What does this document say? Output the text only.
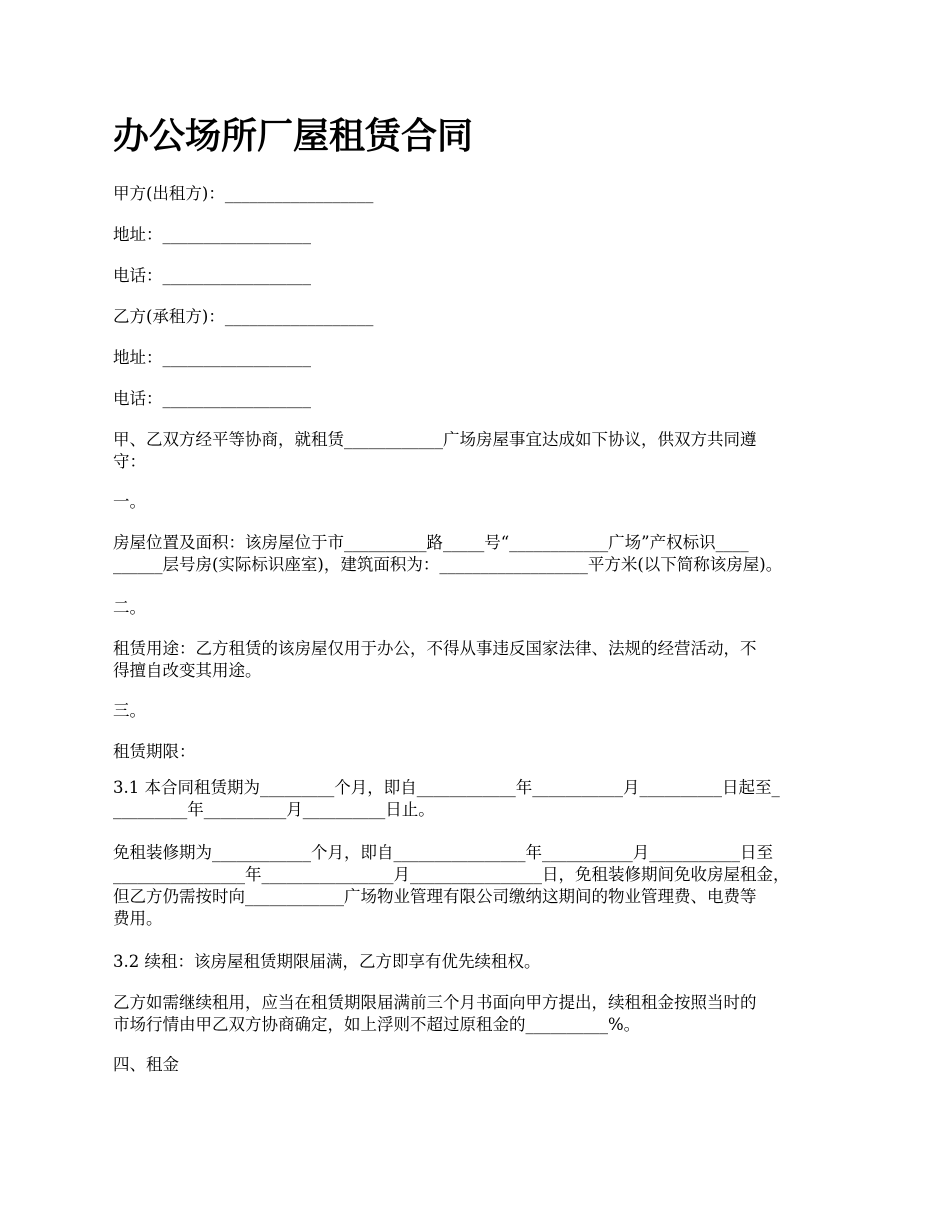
办公场所厂屋租赁合同
甲方(出租方)：__________________
地址：__________________
电话：__________________
乙方(承租方)：__________________
地址：__________________
电话：__________________
甲、乙双方经平等协商，就租赁____________广场房屋事宜达成如下协议，供双方共同遵
守：
一。
房屋位置及面积：该房屋位于市__________路_____号“____________广场”产权标识____
______层号房(实际标识座室)，建筑面积为：__________________平方米(以下简称该房屋)。
二。
租赁用途：乙方租赁的该房屋仅用于办公，不得从事违反国家法律、法规的经营活动，不
得擅自改变其用途。
三。
租赁期限：
3.1 本合同租赁期为_________个月，即自____________年___________月__________日起至_
_________年__________月__________日止。
免租装修期为____________个月，即自________________年___________月___________日至
________________年________________月________________日，免租装修期间免收房屋租金，
但乙方仍需按时向____________广场物业管理有限公司缴纳这期间的物业管理费、电费等
费用。
3.2 续租：该房屋租赁期限届满，乙方即享有优先续租权。
乙方如需继续租用，应当在租赁期限届满前三个月书面向甲方提出，续租租金按照当时的
市场行情由甲乙双方协商确定，如上浮则不超过原租金的__________%。
四、租金
